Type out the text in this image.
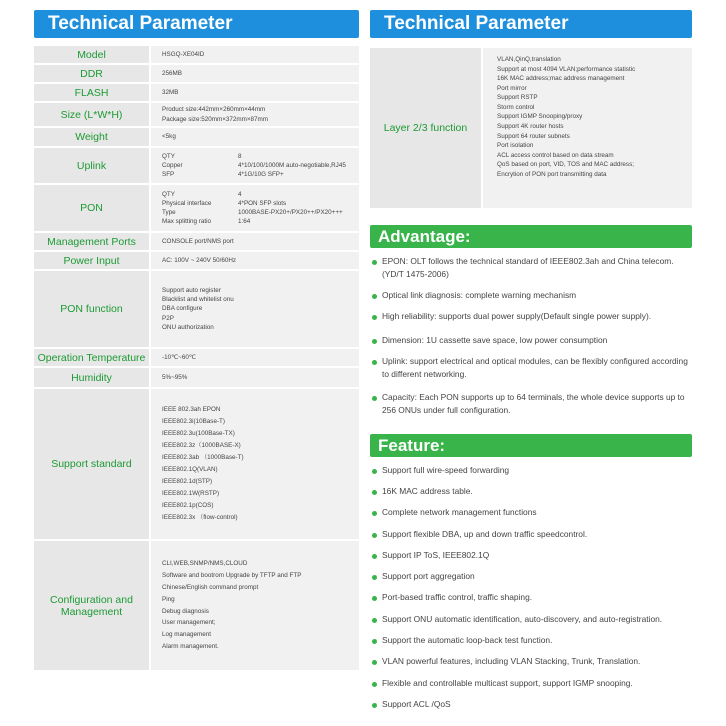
Technical Parameter
Model	HSGQ-XE04ID
DDR	256MB
FLASH	32MB
Size (L*W*H)	Product size:442mm×260mm×44mm
Package size:520mm×372mm×87mm
Weight	<5kg
Uplink
QTY	8
Copper	4*10/100/1000M auto-negotiable,RJ45
SFP	4*1G/10G SFP+
PON
QTY	4
Physical interface	4*PON SFP slots
Type	1000BASE-PX20+/PX20++/PX20+++
Max splitting ratio	1:64
Management Ports	CONSOLE port/NMS port
Power Input	AC: 100V ~ 240V 50/60Hz
PON function
Support auto register
Blacklist and whitelist onu
DBA configure
P2P
ONU authorization
Operation Temperature	-10℃~60℃
Humidity	5%~95%
Support standard
IEEE 802.3ah EPON
IEEE802.3i(10Base-T)
IEEE802.3u(100Base-TX)
IEEE802.3z（1000BASE-X)
IEEE802.3ab （1000Base-T)
IEEE802.1Q(VLAN)
IEEE802.1d(STP)
IEEE802.1W(RSTP)
IEEE802.1p(COS)
IEEE802.3x （flow-control)
Configuration and Management
CLI,WEB,SNMP/NMS,CLOUD
Software and bootrom Upgrade by TFTP and FTP
Chinese/English command prompt
Ping
Debug diagnosis
User management;
Log management
Alarm management.
Technical Parameter
Layer 2/3 function
VLAN,QinQ,translation
Support at most 4094 VLAN;performance statistic
16K MAC address;mac address management
Port mirror
Support RSTP
Storm control
Support IGMP Snooping/proxy
Support 4K router hosts
Support 64 router subnets
Port isolation
ACL access control based on data stream
QoS based on port, VID, TOS and MAC address;
Encrytion of PON port transmitting data
Advantage:
EPON: OLT follows the technical standard of IEEE802.3ah and China telecom.(YD/T 1475-2006)
Optical link diagnosis: complete warning mechanism
High reliability: supports dual power supply(Default single power supply).
Dimension: 1U cassette save space, low power consumption
Uplink: support electrical and optical modules, can be flexibly configured according to different networking.
Capacity: Each PON supports up to 64 terminals, the whole device supports up to 256 ONUs under full configuration.
Feature:
Support full wire-speed forwarding
16K MAC address table.
Complete network management functions
Support flexible DBA, up and down traffic speedcontrol.
Support IP ToS, IEEE802.1Q
Support port aggregation
Port-based traffic control, traffic shaping.
Support ONU automatic identification, auto-discovery, and auto-registration.
Support the automatic loop-back test function.
VLAN powerful features, including VLAN Stacking, Trunk, Translation.
Flexible and controllable multicast support, support IGMP snooping.
Support ACL /QoS
